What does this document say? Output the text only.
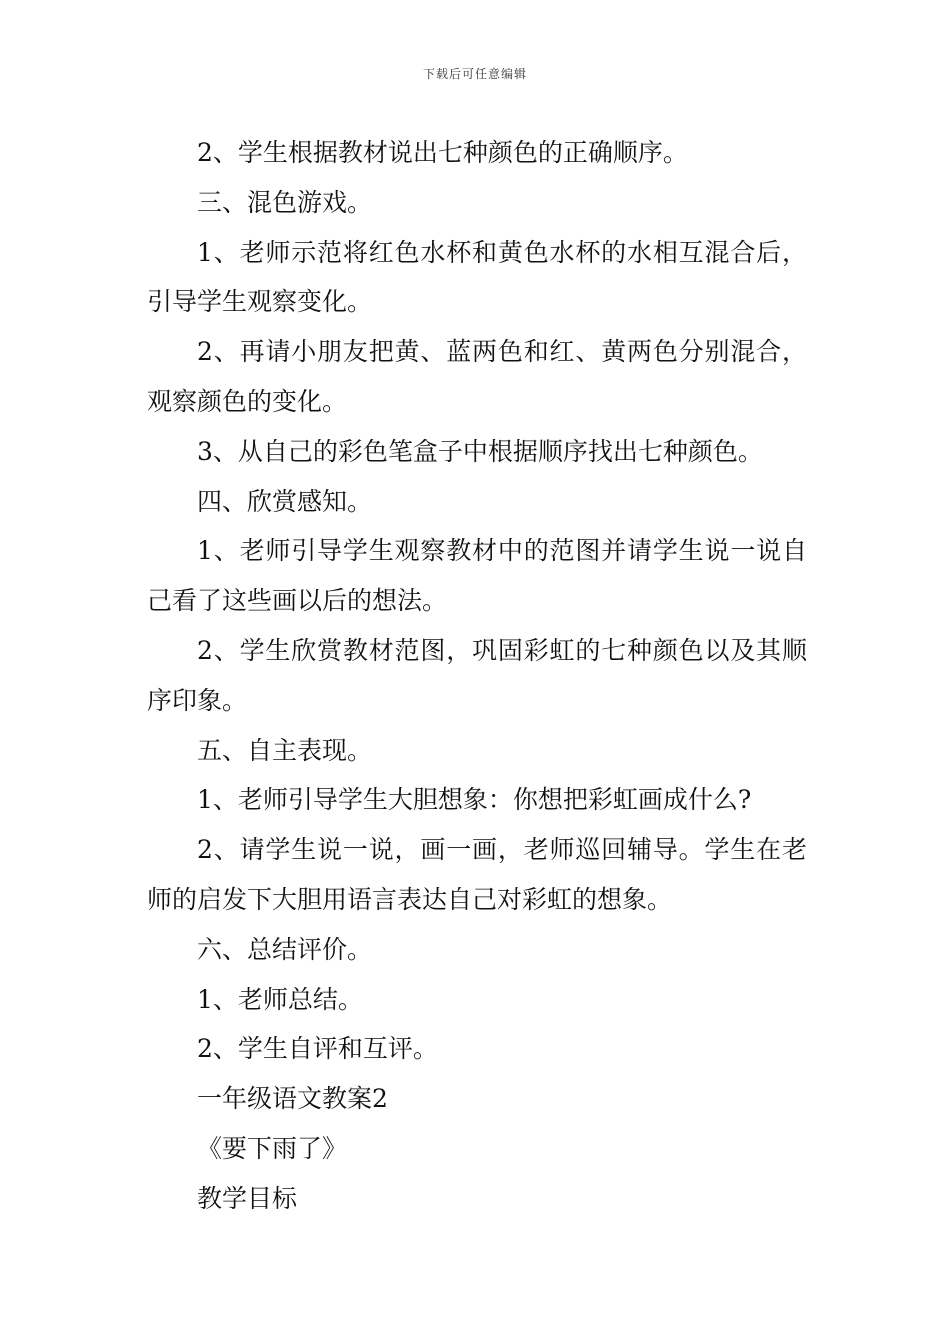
下载后可任意编辑

2、学生根据教材说出七种颜色的正确顺序。

三、混色游戏。

1、老师示范将红色水杯和黄色水杯的水相互混合后，引导学生观察变化。

2、再请小朋友把黄、蓝两色和红、黄两色分别混合，观察颜色的变化。

3、从自己的彩色笔盒子中根据顺序找出七种颜色。

四、欣赏感知。

1、老师引导学生观察教材中的范图并请学生说一说自己看了这些画以后的想法。

2、学生欣赏教材范图，巩固彩虹的七种颜色以及其顺序印象。

五、自主表现。

1、老师引导学生大胆想象：你想把彩虹画成什么?

2、请学生说一说，画一画，老师巡回辅导。学生在老师的启发下大胆用语言表达自己对彩虹的想象。

六、总结评价。

1、老师总结。

2、学生自评和互评。

一年级语文教案2

《要下雨了》

教学目标
